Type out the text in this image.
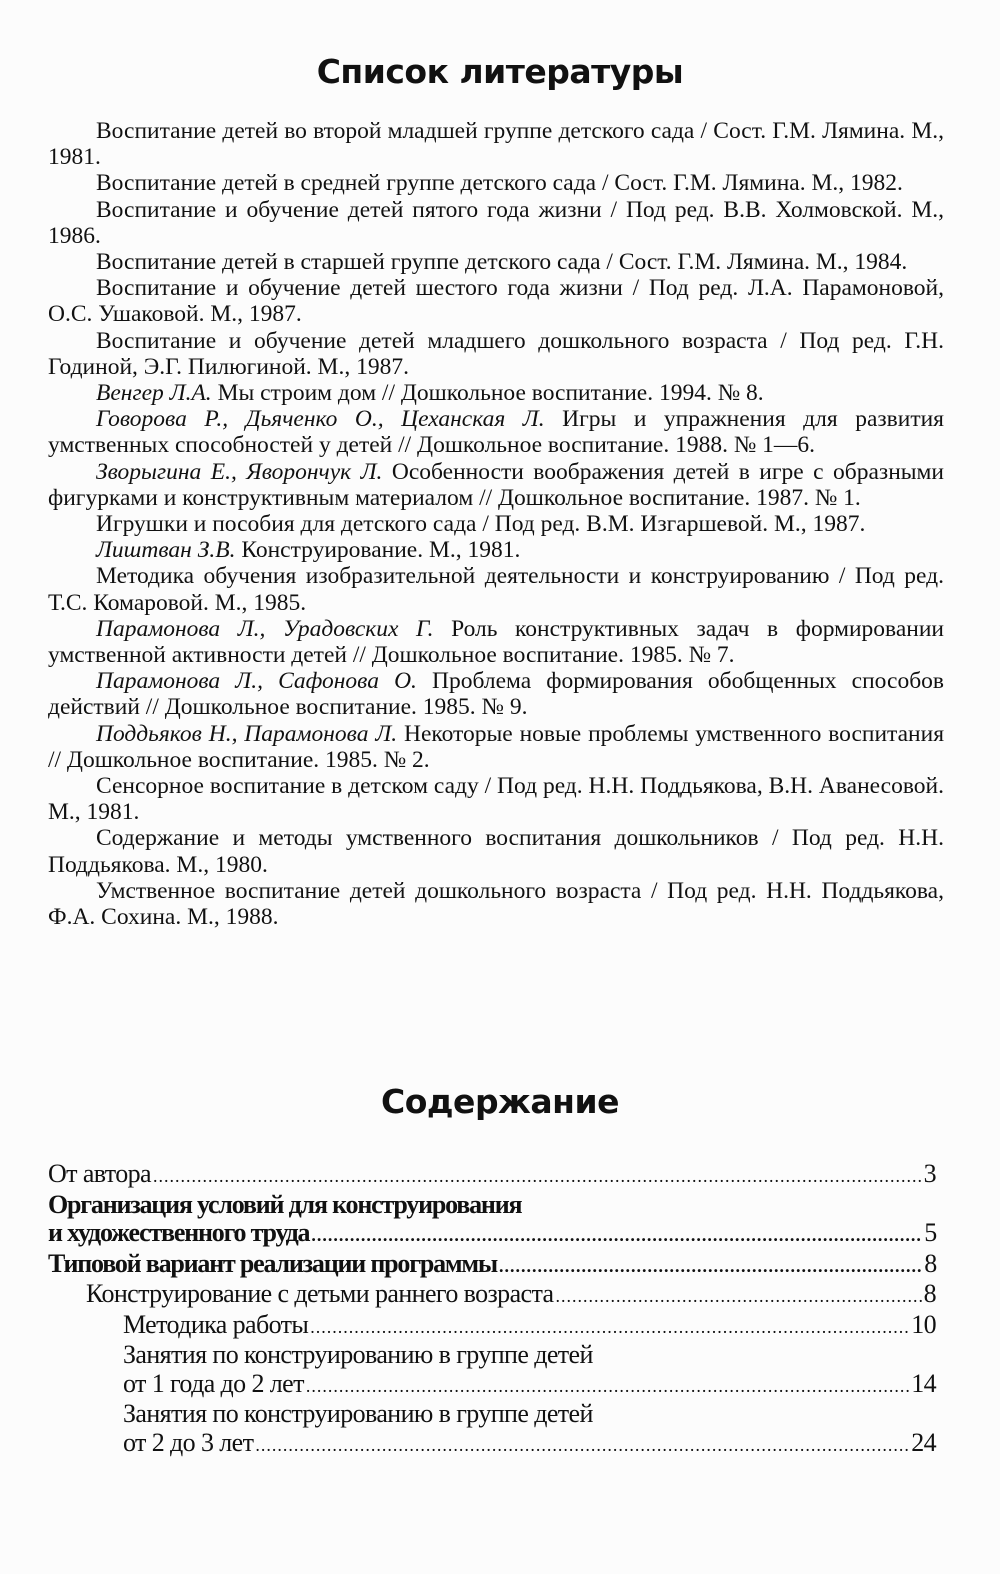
Список литературы

Воспитание детей во второй младшей группе детского сада / Сост. Г.М. Лямина. М., 1981.

Воспитание детей в средней группе детского сада / Сост. Г.М. Лямина. М., 1982.

Воспитание и обучение детей пятого года жизни / Под ред. В.В. Холмовской. М., 1986.

Воспитание детей в старшей группе детского сада / Сост. Г.М. Лямина. М., 1984.

Воспитание и обучение детей шестого года жизни / Под ред. Л.А. Парамоновой, О.С. Ушаковой. М., 1987.

Воспитание и обучение детей младшего дошкольного возраста / Под ред. Г.Н. Годиной, Э.Г. Пилюгиной. М., 1987.

Венгер Л.А. Мы строим дом // Дошкольное воспитание. 1994. № 8.

Говорова Р., Дьяченко О., Цеханская Л. Игры и упражнения для развития умственных способностей у детей // Дошкольное воспитание. 1988. № 1—6.

Зворыгина Е., Яворончук Л. Особенности воображения детей в игре с образными фигурками и конструктивным материалом // Дошкольное воспитание. 1987. № 1.

Игрушки и пособия для детского сада / Под ред. В.М. Изгаршевой. М., 1987.

Лиштван З.В. Конструирование. М., 1981.

Методика обучения изобразительной деятельности и конструированию / Под ред. Т.С. Комаровой. М., 1985.

Парамонова Л., Урадовских Г. Роль конструктивных задач в формировании умственной активности детей // Дошкольное воспитание. 1985. № 7.

Парамонова Л., Сафонова О. Проблема формирования обобщенных способов действий // Дошкольное воспитание. 1985. № 9.

Поддьяков Н., Парамонова Л. Некоторые новые проблемы умственного воспитания // Дошкольное воспитание. 1985. № 2.

Сенсорное воспитание в детском саду / Под ред. Н.Н. Поддьякова, В.Н. Аванесовой. М., 1981.

Содержание и методы умственного воспитания дошкольников / Под ред. Н.Н. Поддьякова. М., 1980.

Умственное воспитание детей дошкольного возраста / Под ред. Н.Н. Поддьякова, Ф.А. Сохина. М., 1988.

Содержание
От автора .....	3
Организация условий для конструирования
и художественного труда .....	5
Типовой вариант реализации программы .....	8
Конструирование с детьми раннего возраста .....	8
Методика работы .....	10
Занятия по конструированию в группе детей
от 1 года до 2 лет .....	14
Занятия по конструированию в группе детей
от 2 до 3 лет .....	24
